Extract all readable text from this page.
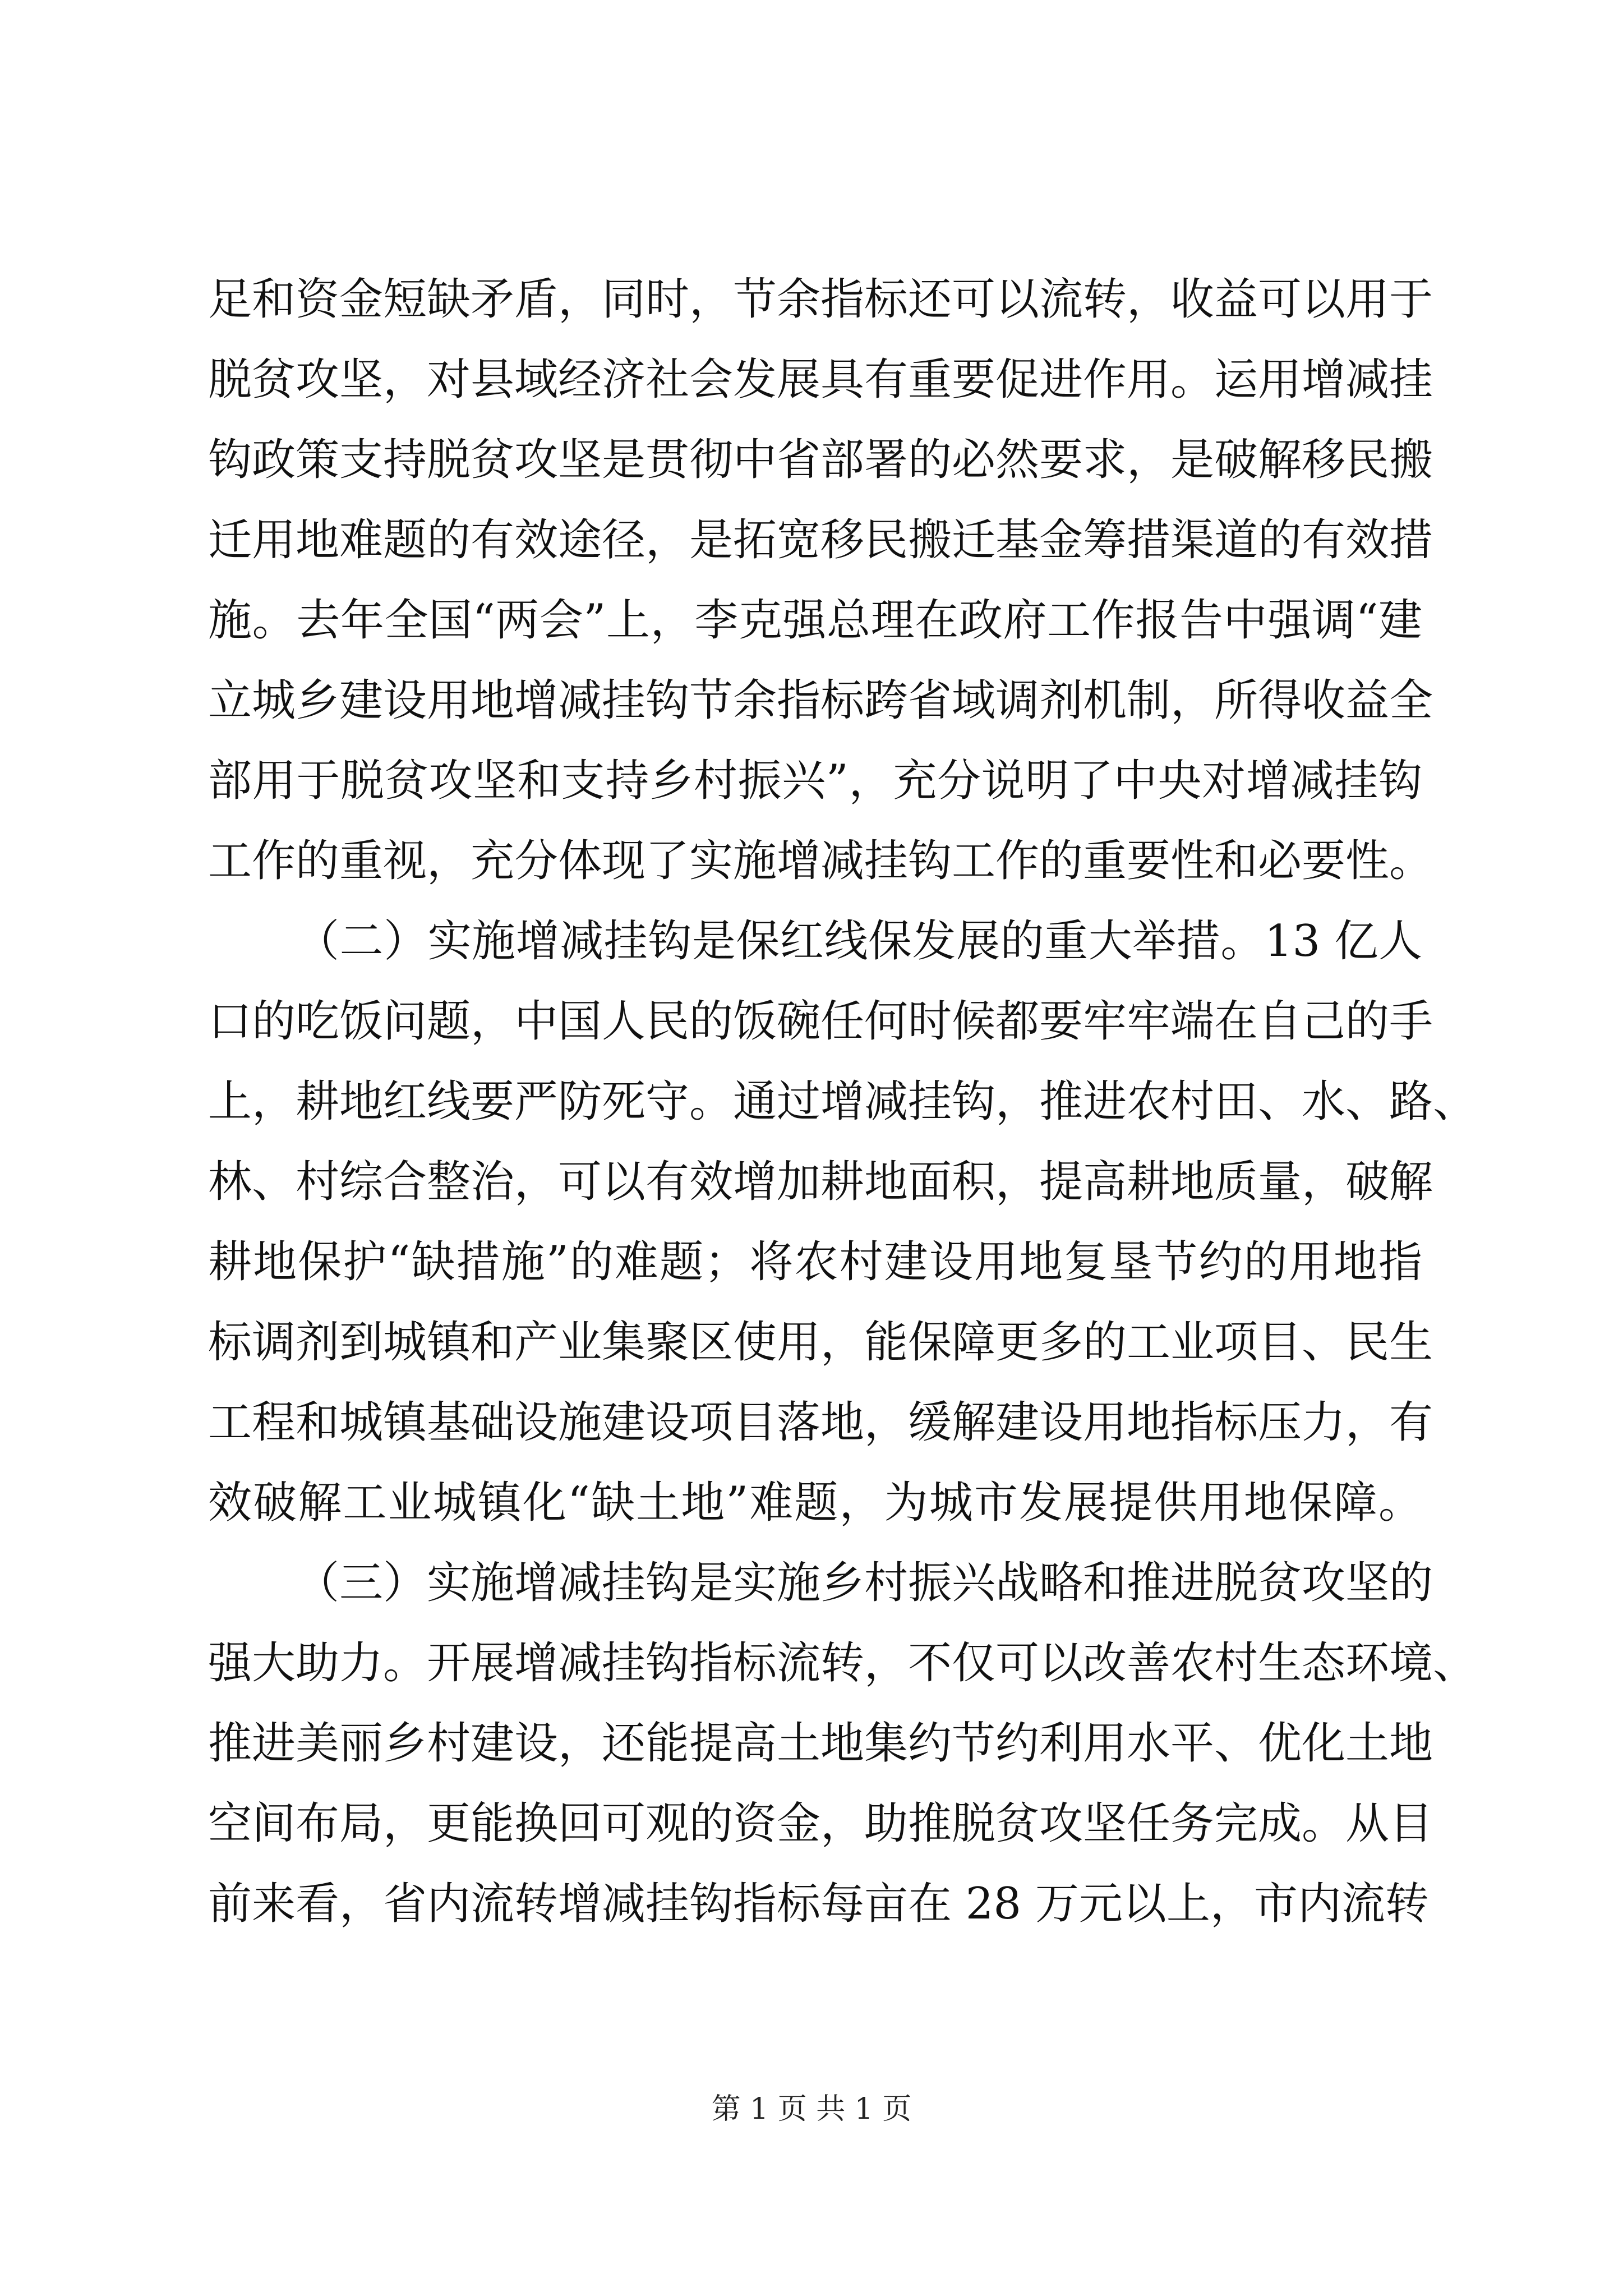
足和资金短缺矛盾，同时，节余指标还可以流转，收益可以用于
脱贫攻坚，对县域经济社会发展具有重要促进作用。运用增减挂
钩政策支持脱贫攻坚是贯彻中省部署的必然要求，是破解移民搬
迁用地难题的有效途径，是拓宽移民搬迁基金筹措渠道的有效措
施。去年全国“两会”上，李克强总理在政府工作报告中强调“建
立城乡建设用地增减挂钩节余指标跨省域调剂机制，所得收益全
部用于脱贫攻坚和支持乡村振兴”，充分说明了中央对增减挂钩
工作的重视，充分体现了实施增减挂钩工作的重要性和必要性。
（二）实施增减挂钩是保红线保发展的重大举措。13 亿人
口的吃饭问题，中国人民的饭碗任何时候都要牢牢端在自己的手
上，耕地红线要严防死守。通过增减挂钩，推进农村田、水、路、
林、村综合整治，可以有效增加耕地面积，提高耕地质量，破解
耕地保护“缺措施”的难题；将农村建设用地复垦节约的用地指
标调剂到城镇和产业集聚区使用，能保障更多的工业项目、民生
工程和城镇基础设施建设项目落地，缓解建设用地指标压力，有
效破解工业城镇化“缺土地”难题，为城市发展提供用地保障。
（三）实施增减挂钩是实施乡村振兴战略和推进脱贫攻坚的
强大助力。开展增减挂钩指标流转，不仅可以改善农村生态环境、
推进美丽乡村建设，还能提高土地集约节约利用水平、优化土地
空间布局，更能换回可观的资金，助推脱贫攻坚任务完成。从目
前来看，省内流转增减挂钩指标每亩在 28 万元以上，市内流转
第 1 页 共 1 页
